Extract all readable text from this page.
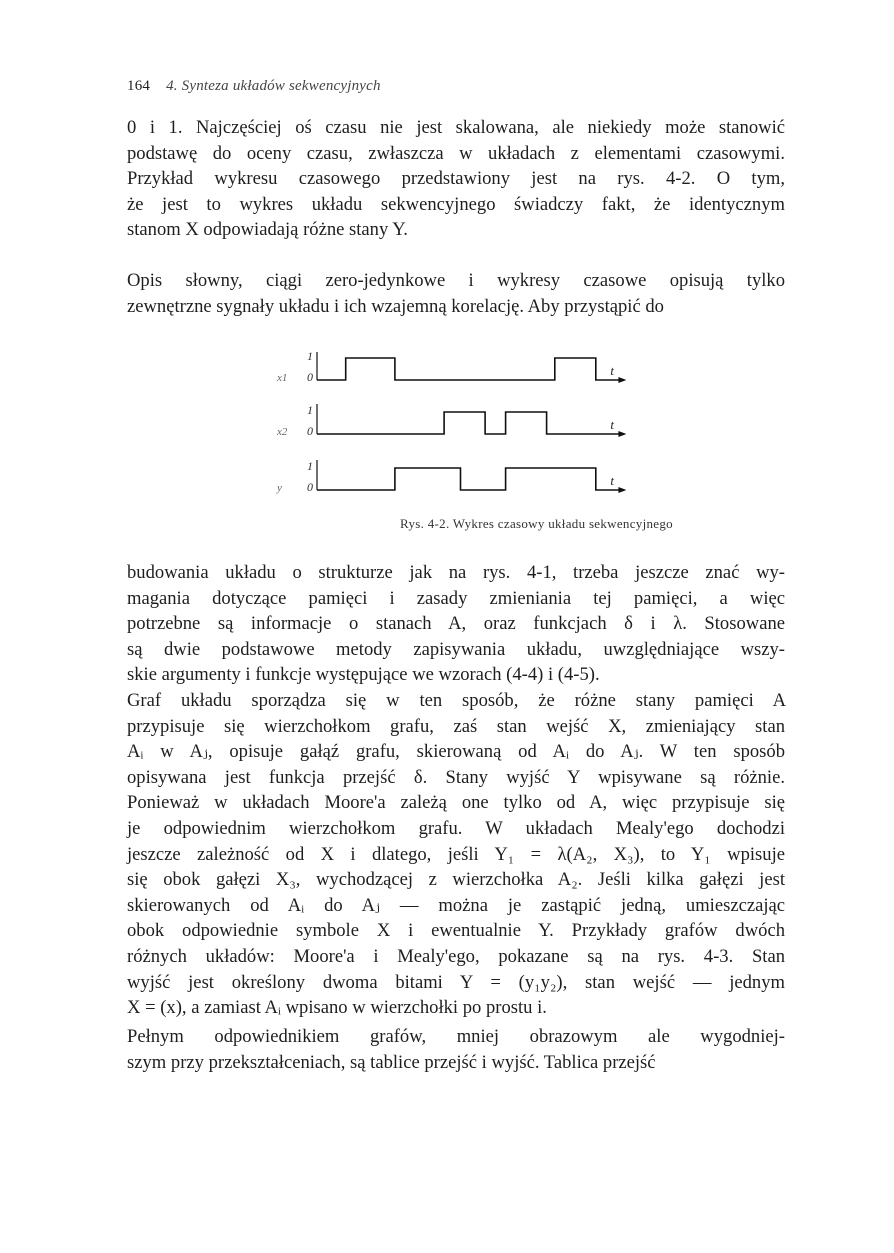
164 4. Synteza układów sekwencyjnych
0 i 1. Najczęściej oś czasu nie jest skalowana, ale niekiedy może stanowić podstawę do oceny czasu, zwłaszcza w układach z elementami czasowymi. Przykład wykresu czasowego przedstawiony jest na rys. 4-2. O tym, że jest to wykres układu sekwencyjnego świadczy fakt, że identycznym stanom X odpowiadają różne stany Y.
Opis słowny, ciągi zero-jedynkowe i wykresy czasowe opisują tylko zewnętrzne sygnały układu i ich wzajemną korelację. Aby przystąpić do
1
0
x1	t
1
0
x2	t
1
0
y	t
Rys. 4-2. Wykres czasowy układu sekwencyjnego
budowania układu o strukturze jak na rys. 4-1, trzeba jeszcze znać wy- magania dotyczące pamięci i zasady zmieniania tej pamięci, a więc potrzebne są informacje o stanach A, oraz funkcjach δ i λ. Stosowane są dwie podstawowe metody zapisywania układu, uwzględniające wszy- skie argumenty i funkcje występujące we wzorach (4-4) i (4-5).
Graf układu sporządza się w ten sposób, że różne stany pamięci A przypisuje się wierzchołkom grafu, zaś stan wejść X, zmieniający stan Aᵢ w Aⱼ, opisuje gałąź grafu, skierowaną od Aᵢ do Aⱼ. W ten sposób opisywana jest funkcja przejść δ. Stany wyjść Y wpisywane są różnie. Ponieważ w układach Moore'a zależą one tylko od A, więc przypisuje się je odpowiednim wierzchołkom grafu. W układach Mealy'ego dochodzi jeszcze zależność od X i dlatego, jeśli Y₁ = λ(A₂, X₃), to Y₁ wpisuje się obok gałęzi X₃, wychodzącej z wierzchołka A₂. Jeśli kilka gałęzi jest skierowanych od Aᵢ do Aⱼ — można je zastąpić jedną, umieszczając obok odpowiednie symbole X i ewentualnie Y. Przykłady grafów dwóch różnych układów: Moore'a i Mealy'ego, pokazane są na rys. 4-3. Stan wyjść jest określony dwoma bitami Y = (y₁y₂), stan wejść — jednym X = (x), a zamiast Aᵢ wpisano w wierzchołki po prostu i.
Pełnym odpowiednikiem grafów, mniej obrazowym ale wygodniej- szym przy przekształceniach, są tablice przejść i wyjść. Tablica przejść
